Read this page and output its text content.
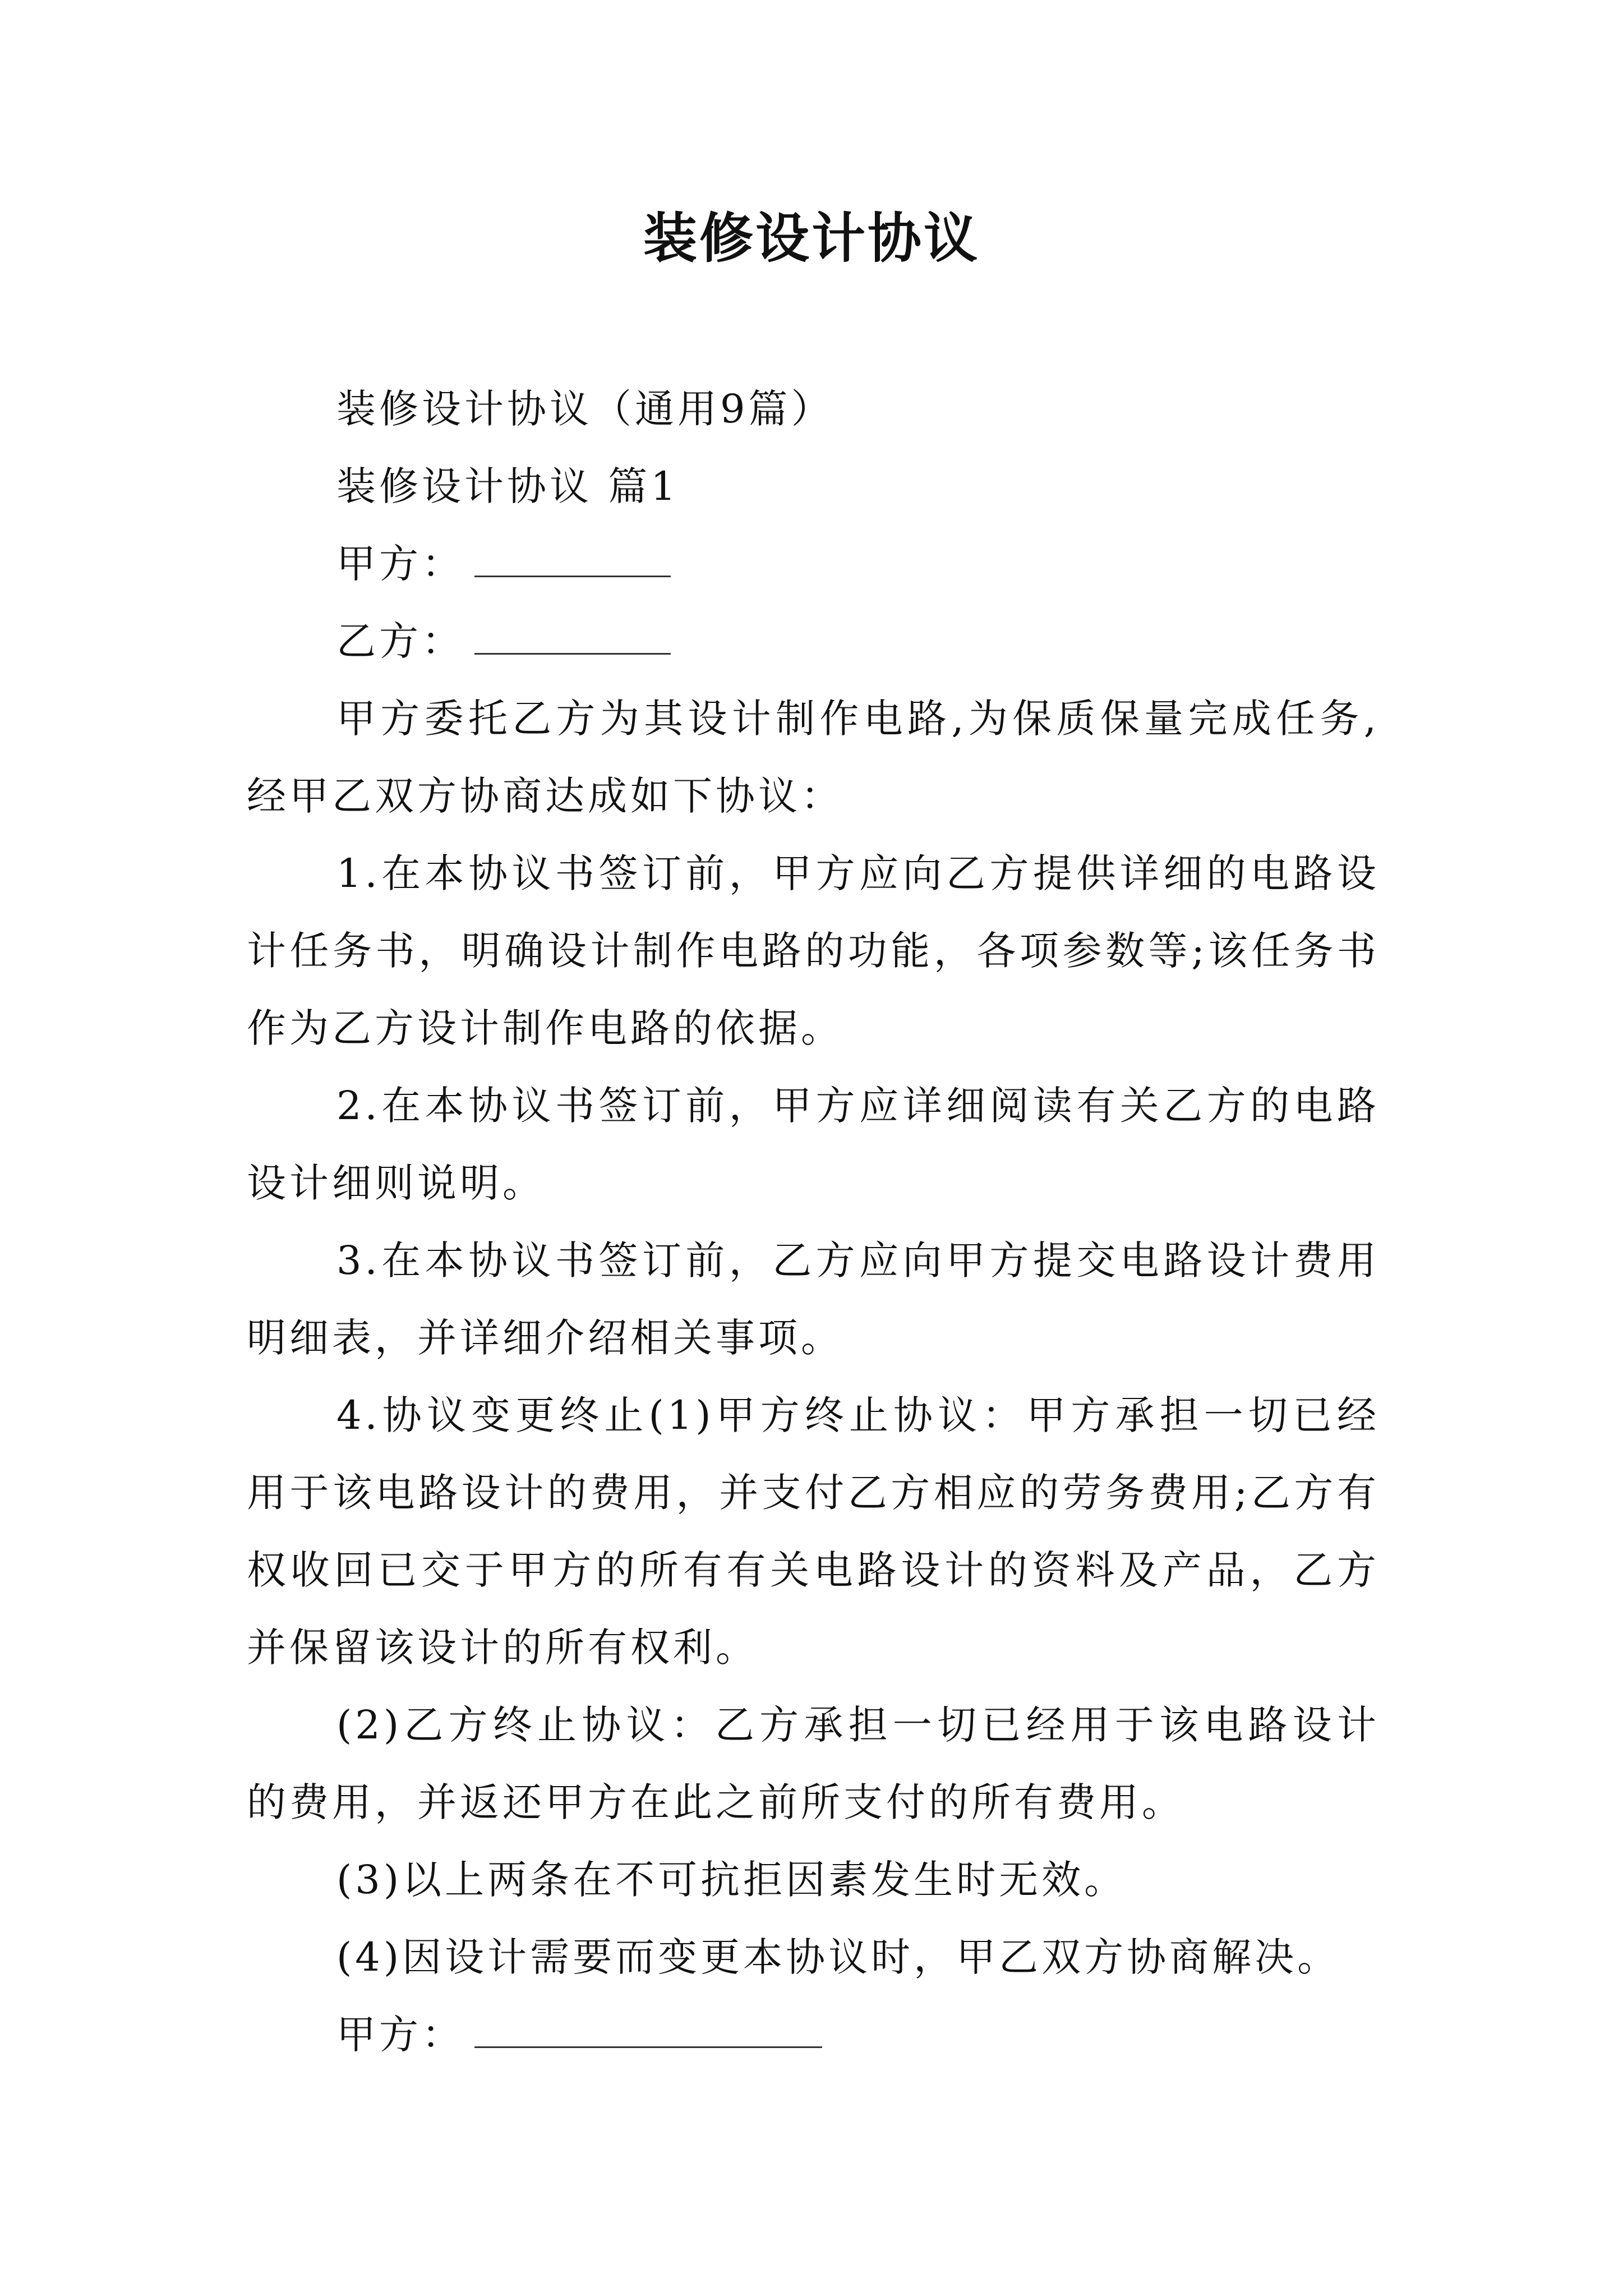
装修设计协议

装修设计协议（通用9篇）

装修设计协议 篇1

甲方：

乙方：

甲方委托乙方为其设计制作电路,为保质保量完成任务,经甲乙双方协商达成如下协议：

1.在本协议书签订前，甲方应向乙方提供详细的电路设计任务书，明确设计制作电路的功能，各项参数等;该任务书作为乙方设计制作电路的依据。

2.在本协议书签订前，甲方应详细阅读有关乙方的电路设计细则说明。

3.在本协议书签订前，乙方应向甲方提交电路设计费用明细表，并详细介绍相关事项。

4.协议变更终止(1)甲方终止协议：甲方承担一切已经用于该电路设计的费用，并支付乙方相应的劳务费用;乙方有权收回已交于甲方的所有有关电路设计的资料及产品，乙方并保留该设计的所有权利。

(2)乙方终止协议：乙方承担一切已经用于该电路设计的费用，并返还甲方在此之前所支付的所有费用。

(3)以上两条在不可抗拒因素发生时无效。

(4)因设计需要而变更本协议时，甲乙双方协商解决。

甲方：
